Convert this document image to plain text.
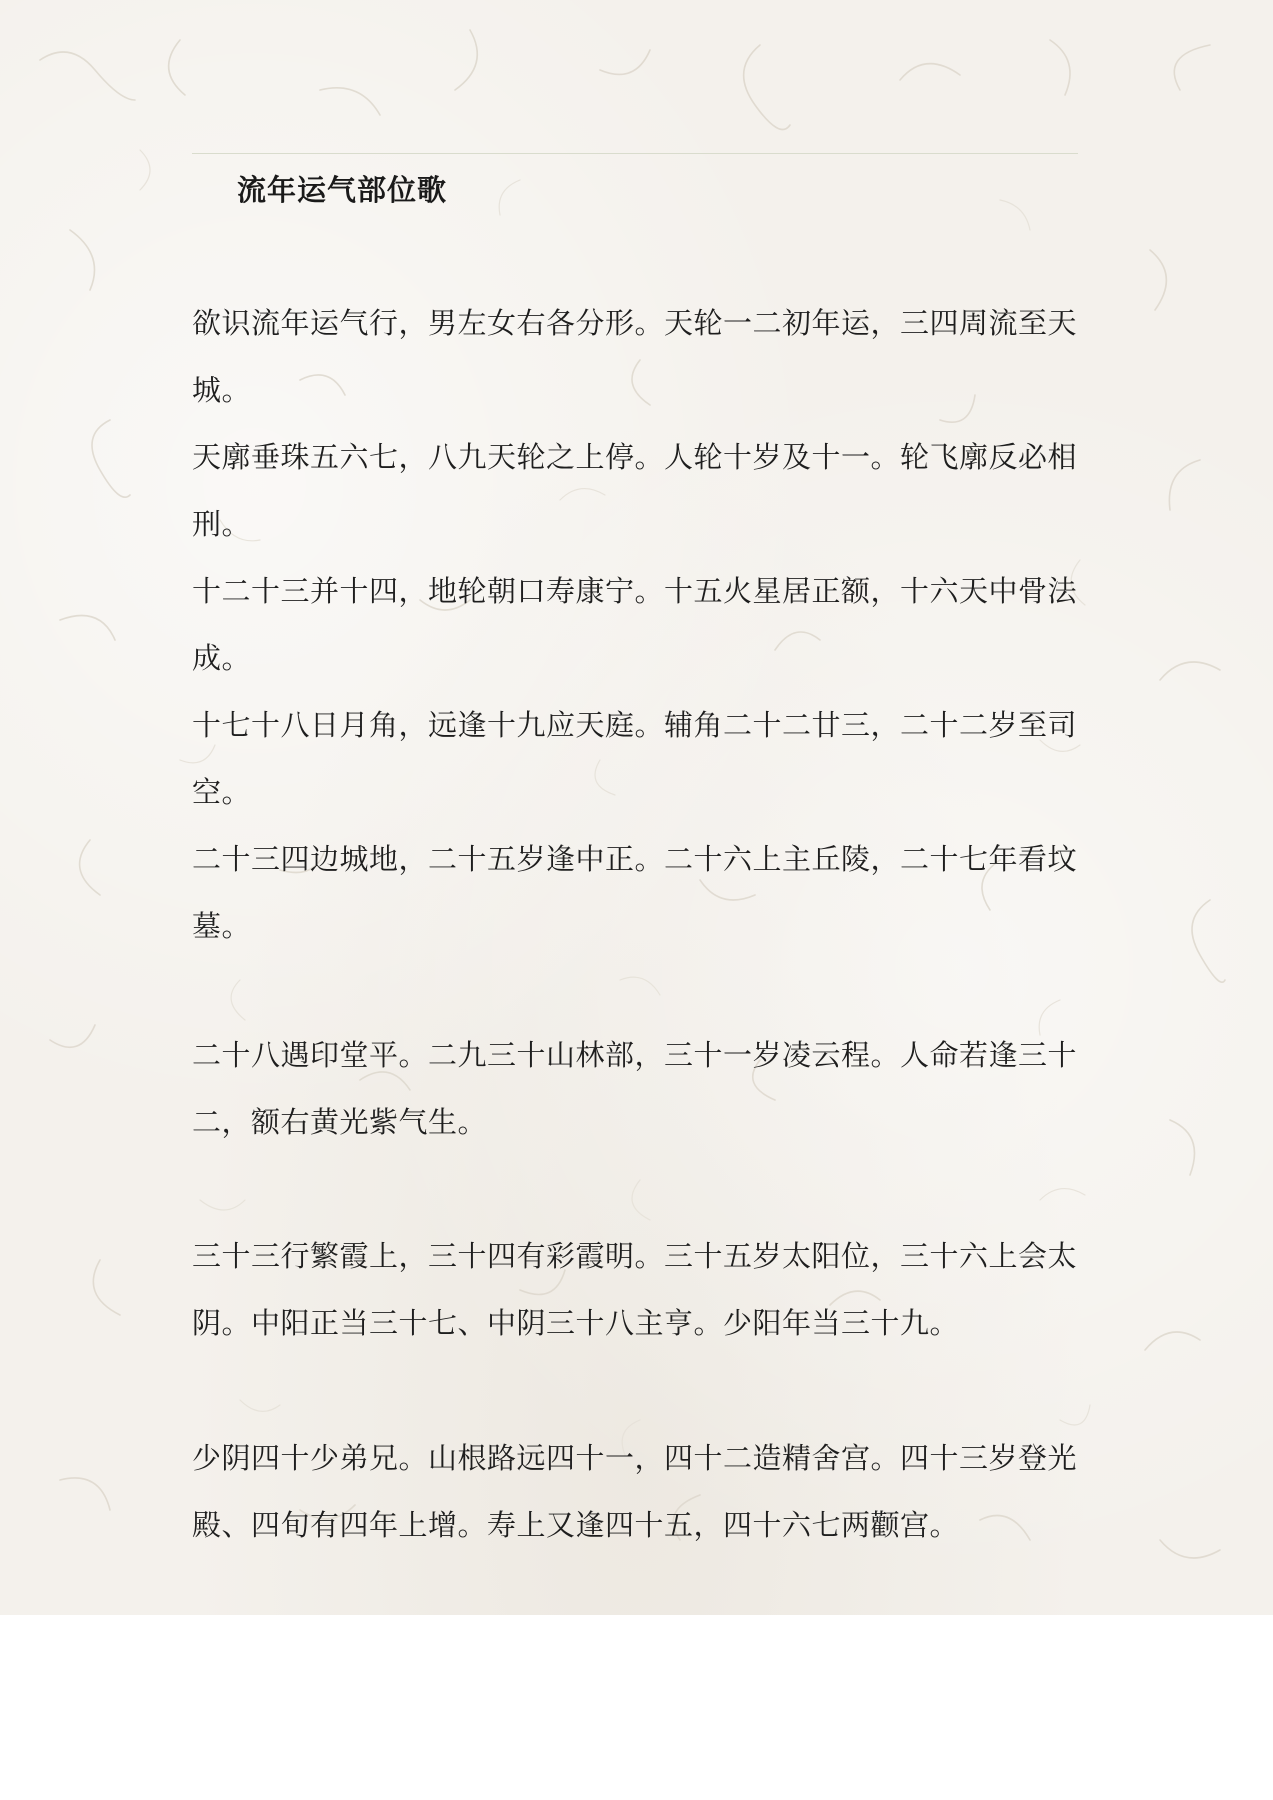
流年运气部位歌

欲识流年运气行，男左女右各分形。天轮一二初年运，三四周流至天城。

天廓垂珠五六七，八九天轮之上停。人轮十岁及十一。轮飞廓反必相刑。

十二十三并十四，地轮朝口寿康宁。十五火星居正额，十六天中骨法成。

十七十八日月角，远逢十九应天庭。辅角二十二廿三，二十二岁至司空。

二十三四边城地，二十五岁逢中正。二十六上主丘陵，二十七年看坟墓。

二十八遇印堂平。二九三十山林部，三十一岁凌云程。人命若逢三十二，额右黄光紫气生。

三十三行繁霞上，三十四有彩霞明。三十五岁太阳位，三十六上会太阴。中阳正当三十七、中阴三十八主亨。少阳年当三十九。

少阴四十少弟兄。山根路远四十一，四十二造精舍宫。四十三岁登光殿、四旬有四年上增。寿上又逢四十五，四十六七两颧宫。
